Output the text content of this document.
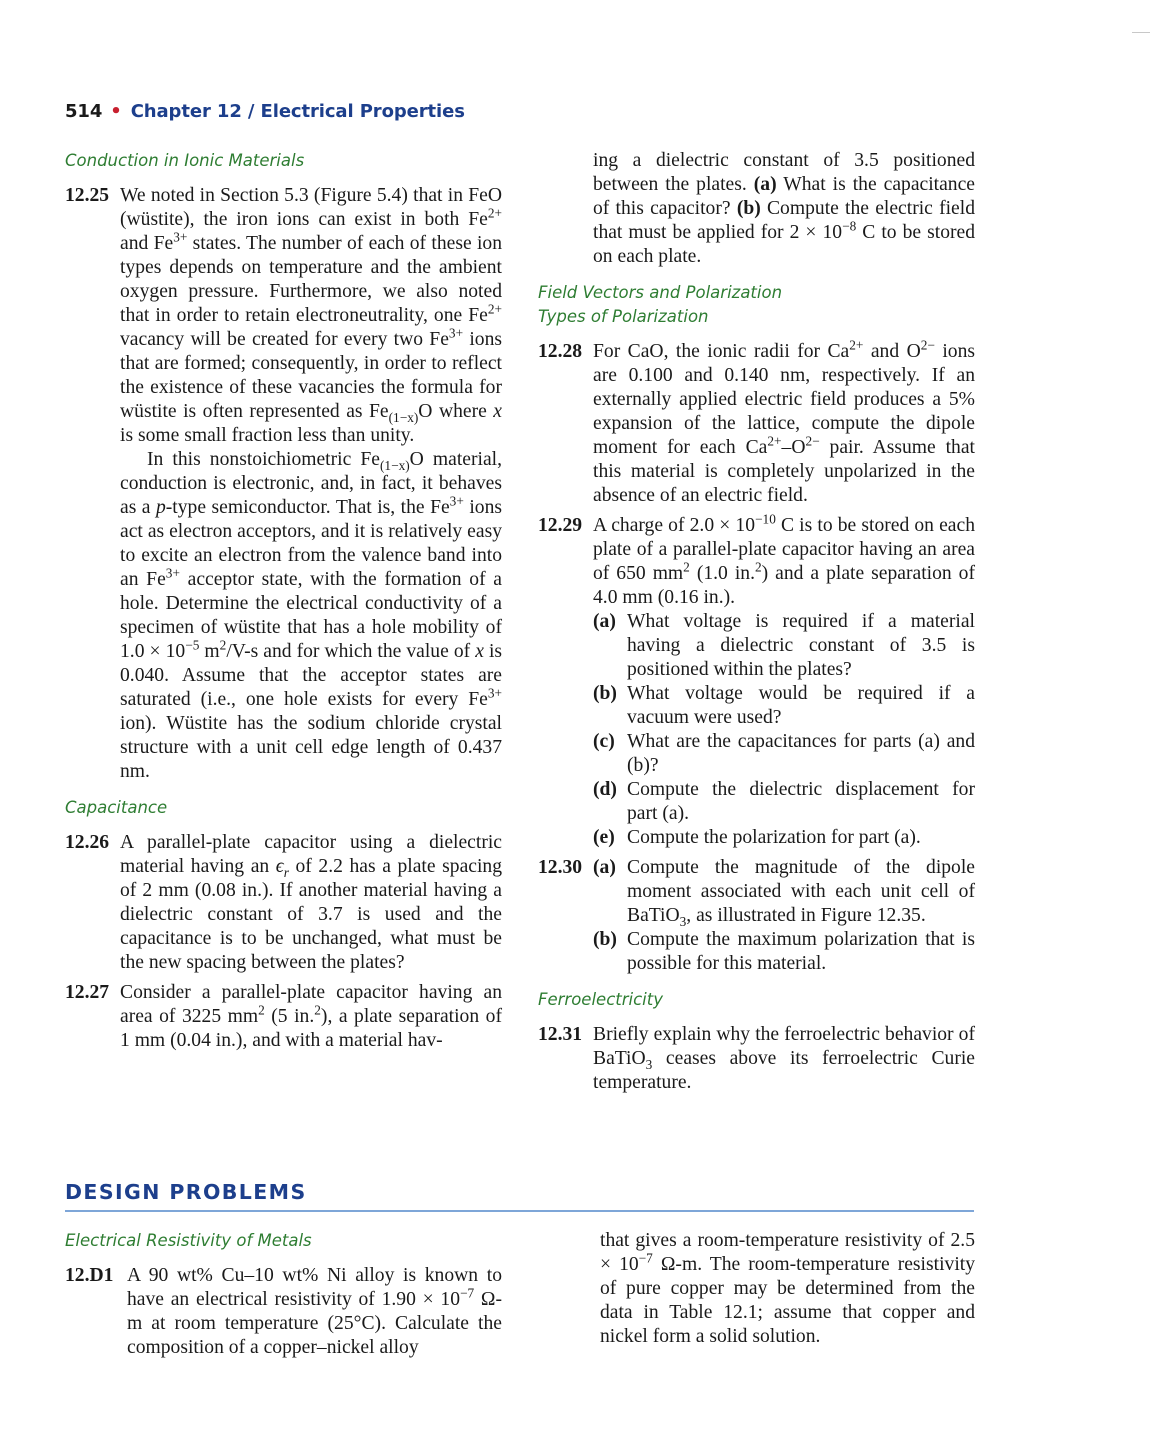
514 • Chapter 12 / Electrical Properties
Conduction in Ionic Materials
12.25 We noted in Section 5.3 (Figure 5.4) that in FeO (wüstite), the iron ions can exist in both $Fe^{2+}$ and $Fe^{3+}$ states. The number of each of these ion types depends on temperature and the ambient oxygen pressure. Furthermore, we also noted that in order to retain electroneutrality, one $Fe^{2+}$ vacancy will be created for every two $Fe^{3+}$ ions that are formed; consequently, in order to reflect the existence of these vacancies the formula for wüstite is often represented as $Fe_{(1-x)}O$ where x is some small fraction less than unity.

In this nonstoichiometric $Fe_{(1-x)}O$ material, conduction is electronic, and, in fact, it behaves as a p-type semiconductor. That is, the $Fe^{3+}$ ions act as electron acceptors, and it is relatively easy to excite an electron from the valence band into an $Fe^{3+}$ acceptor state, with the formation of a hole. Determine the electrical conductivity of a specimen of wüstite that has a hole mobility of $1.0 \times 10^{-5}$ $m^2/V-s$ and for which the value of x is 0.040. Assume that the acceptor states are saturated (i.e., one hole exists for every $Fe^{3+}$ ion). Wüstite has the sodium chloride crystal structure with a unit cell edge length of 0.437 nm.

Capacitance
12.26 A parallel-plate capacitor using a dielectric material having an $\epsilon_r$ of 2.2 has a plate spacing of 2 mm (0.08 in.). If another material having a dielectric constant of 3.7 is used and the capacitance is to be unchanged, what must be the new spacing between the plates?

12.27 Consider a parallel-plate capacitor having an area of 3225 $mm^2$ (5 in.$^2$), a plate separation of 1 mm (0.04 in.), and with a material hav-

ing a dielectric constant of 3.5 positioned between the plates. (a) What is the capacitance of this capacitor? (b) Compute the electric field that must be applied for $2 \times 10^{-8}$ C to be stored on each plate.

Field Vectors and Polarization
Types of Polarization
12.28 For CaO, the ionic radii for $Ca^{2+}$ and $O^{2-}$ ions are 0.100 and 0.140 nm, respectively. If an externally applied electric field produces a 5% expansion of the lattice, compute the dipole moment for each $Ca^{2+}-O^{2-}$ pair. Assume that this material is completely unpolarized in the absence of an electric field.

12.29 A charge of $2.0 \times 10^{-10}$ C is to be stored on each plate of a parallel-plate capacitor having an area of 650 $mm^2$ (1.0 in.$^2$) and a plate separation of 4.0 mm (0.16 in.).

(a) What voltage is required if a material having a dielectric constant of 3.5 is positioned within the plates?
(b) What voltage would be required if a vacuum were used?
(c) What are the capacitances for parts (a) and (b)?
(d) Compute the dielectric displacement for part (a).
(e) Compute the polarization for part (a).
12.30 (a) Compute the magnitude of the dipole moment associated with each unit cell of BaTiO$_3$, as illustrated in Figure 12.35.
(b) Compute the maximum polarization that is possible for this material.
Ferroelectricity
12.31 Briefly explain why the ferroelectric behavior of BaTiO$_3$ ceases above its ferroelectric Curie temperature.

DESIGN PROBLEMS
Electrical Resistivity of Metals
12.D1 A 90 wt% Cu–10 wt% Ni alloy is known to have an electrical resistivity of $1.90 \times 10^{-7}$ Ω-m at room temperature (25°C). Calculate the composition of a copper–nickel alloy

that gives a room-temperature resistivity of $2.5 \times 10^{-7}$ Ω-m. The room-temperature resistivity of pure copper may be determined from the data in Table 12.1; assume that copper and nickel form a solid solution.
